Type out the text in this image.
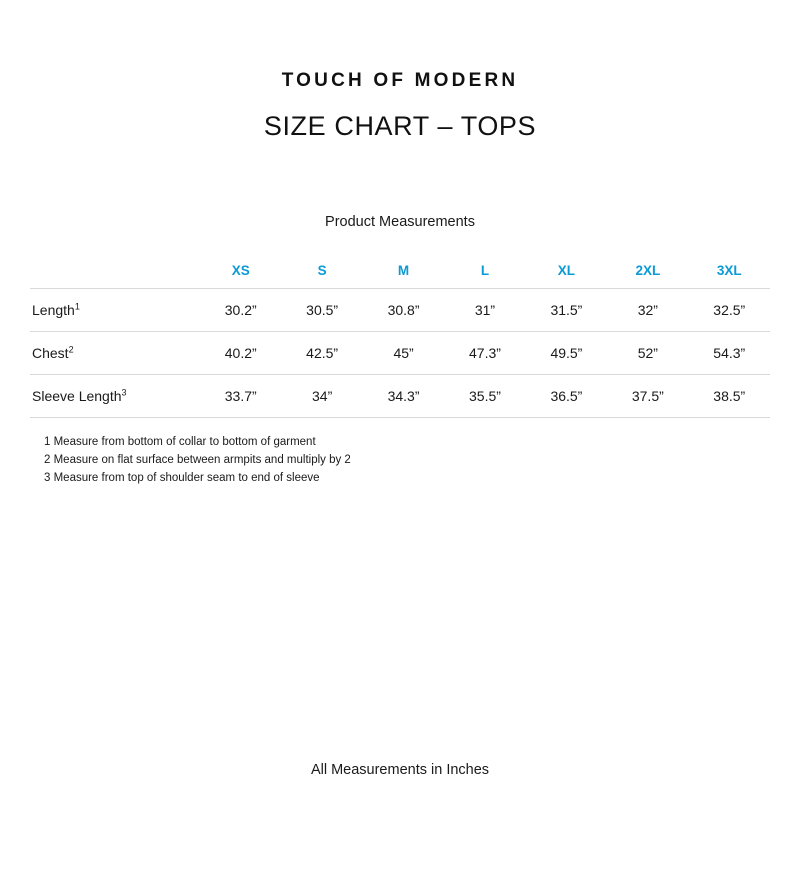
TOUCH OF MODERN
SIZE CHART – TOPS
Product Measurements
	XS	S	M	L	XL	2XL	3XL
Length$^1$	30.2”	30.5”	30.8”	31”	31.5”	32”	32.5”
Chest$^2$	40.2”	42.5”	45”	47.3”	49.5”	52”	54.3”
Sleeve Length$^3$	33.7”	34”	34.3”	35.5”	36.5”	37.5”	38.5”
1 Measure from bottom of collar to bottom of garment
2 Measure on flat surface between armpits and multiply by 2
3 Measure from top of shoulder seam to end of sleeve
All Measurements in Inches
